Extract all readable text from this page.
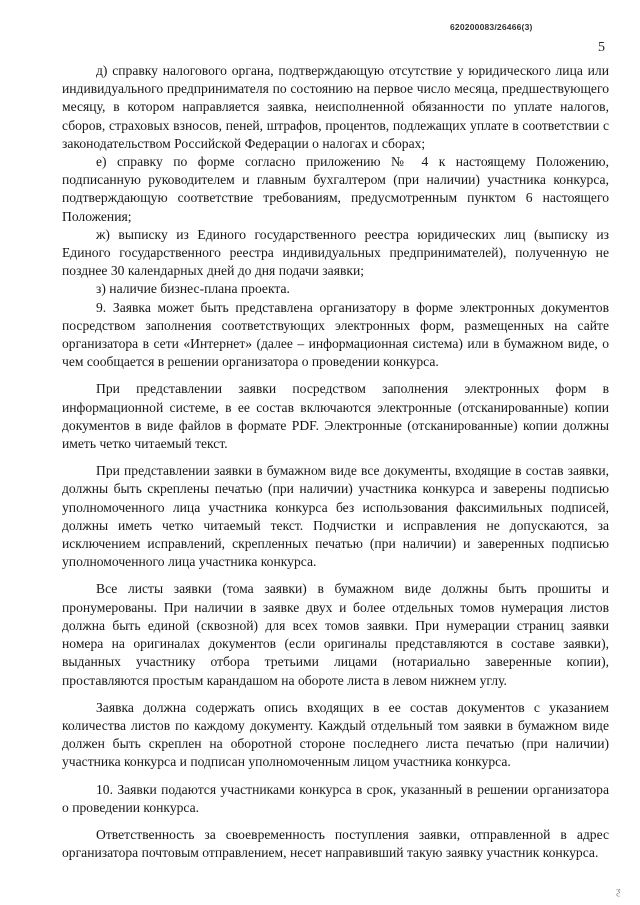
620200083/26466(3)
5

д) справку налогового органа, подтверждающую отсутствие у юридического лица или индивидуального предпринимателя по состоянию на первое число месяца, предшествующего месяцу, в котором направляется заявка, неисполненной обязанности по уплате налогов, сборов, страховых взносов, пеней, штрафов, процентов, подлежащих уплате в соответствии с законодательством Российской Федерации о налогах и сборах;

е) справку по форме согласно приложению № 4 к настоящему Положению, подписанную руководителем и главным бухгалтером (при наличии) участника конкурса, подтверждающую соответствие требованиям, предусмотренным пунктом 6 настоящего Положения;

ж) выписку из Единого государственного реестра юридических лиц (выписку из Единого государственного реестра индивидуальных предпринимателей), полученную не позднее 30 календарных дней до дня подачи заявки;

з) наличие бизнес-плана проекта.

9. Заявка может быть представлена организатору в форме электронных документов посредством заполнения соответствующих электронных форм, размещенных на сайте организатора в сети «Интернет» (далее – информационная система) или в бумажном виде, о чем сообщается в решении организатора о проведении конкурса.

При представлении заявки посредством заполнения электронных форм в информационной системе, в ее состав включаются электронные (отсканированные) копии документов в виде файлов в формате PDF. Электронные (отсканированные) копии должны иметь четко читаемый текст.

При представлении заявки в бумажном виде все документы, входящие в состав заявки, должны быть скреплены печатью (при наличии) участника конкурса и заверены подписью уполномоченного лица участника конкурса без использования факсимильных подписей, должны иметь четко читаемый текст. Подчистки и исправления не допускаются, за исключением исправлений, скрепленных печатью (при наличии) и заверенных подписью уполномоченного лица участника конкурса.

Все листы заявки (тома заявки) в бумажном виде должны быть прошиты и пронумерованы. При наличии в заявке двух и более отдельных томов нумерация листов должна быть единой (сквозной) для всех томов заявки. При нумерации страниц заявки номера на оригиналах документов (если оригиналы представляются в составе заявки), выданных участнику отбора третьими лицами (нотариально заверенные копии), проставляются простым карандашом на обороте листа в левом нижнем углу.

Заявка должна содержать опись входящих в ее состав документов с указанием количества листов по каждому документу. Каждый отдельный том заявки в бумажном виде должен быть скреплен на оборотной стороне последнего листа печатью (при наличии) участника конкурса и подписан уполномоченным лицом участника конкурса.

10. Заявки подаются участниками конкурса в срок, указанный в решении организатора о проведении конкурса.

Ответственность за своевременность поступления заявки, отправленной в адрес организатора почтовым отправлением, несет направивший такую заявку участник конкурса.

ƺ
